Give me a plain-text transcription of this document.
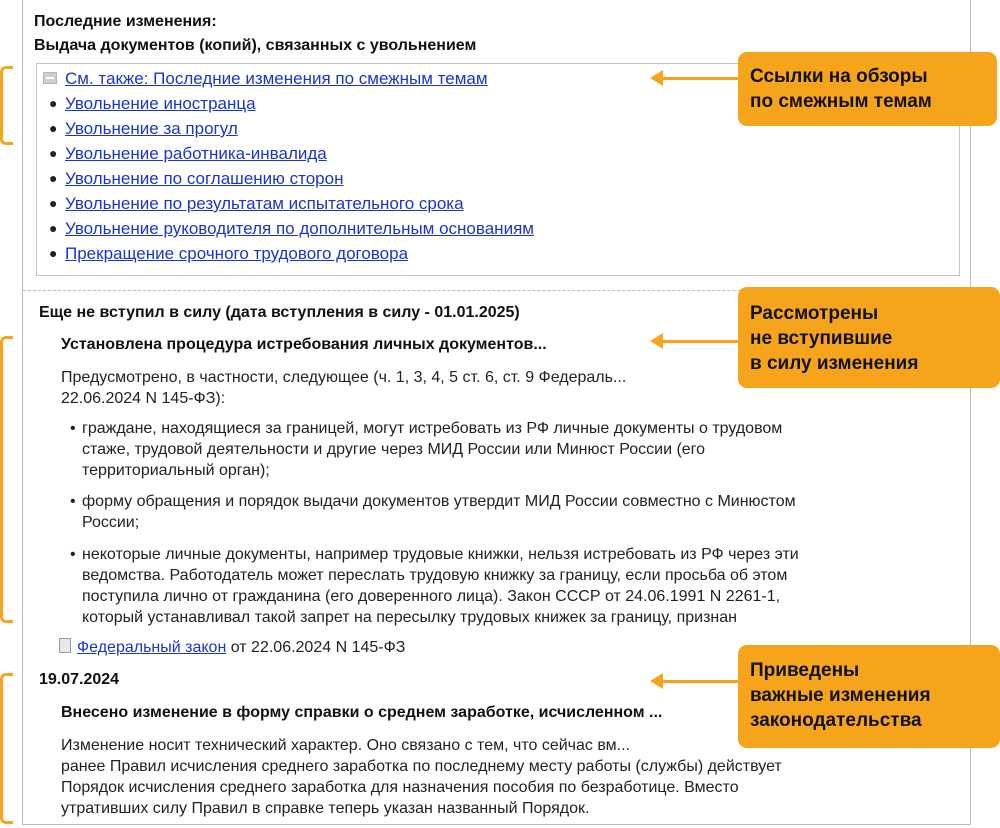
Последние изменения:
Выдача документов (копий), связанных с увольнением
См. также: Последние изменения по смежным темам
● Увольнение иностранца
● Увольнение за прогул
● Увольнение работника-инвалида
● Увольнение по соглашению сторон
● Увольнение по результатам испытательного срока
● Увольнение руководителя по дополнительным основаниям
● Прекращение срочного трудового договора
Еще не вступил в силу (дата вступления в силу - 01.01.2025)
Установлена процедура истребования личных документов...
Предусмотрено, в частности, следующее (ч. 1, 3, 4, 5 ст. 6, ст. 9 Федераль...
22.06.2024 N 145-ФЗ):
• граждане, находящиеся за границей, могут истребовать из РФ личные документы о трудовом
стаже, трудовой деятельности и другие через МИД России или Минюст России (его
территориальный орган);
• форму обращения и порядок выдачи документов утвердит МИД России совместно с Минюстом
России;
• некоторые личные документы, например трудовые книжки, нельзя истребовать из РФ через эти
ведомства. Работодатель может переслать трудовую книжку за границу, если просьба об этом
поступила лично от гражданина (его доверенного лица). Закон СССР от 24.06.1991 N 2261-1,
который устанавливал такой запрет на пересылку трудовых книжек за границу, признан
Федеральный закон от 22.06.2024 N 145-ФЗ
19.07.2024
Внесено изменение в форму справки о среднем заработке, исчисленном ...
Изменение носит технический характер. Оно связано с тем, что сейчас вм...
ранее Правил исчисления среднего заработка по последнему месту работы (службы) действует
Порядок исчисления среднего заработка для назначения пособия по безработице. Вместо
утративших силу Правил в справке теперь указан названный Порядок.
Ссылки на обзоры
по смежным темам
Рассмотрены
не вступившие
в силу изменения
Приведены
важные изменения
законодательства
